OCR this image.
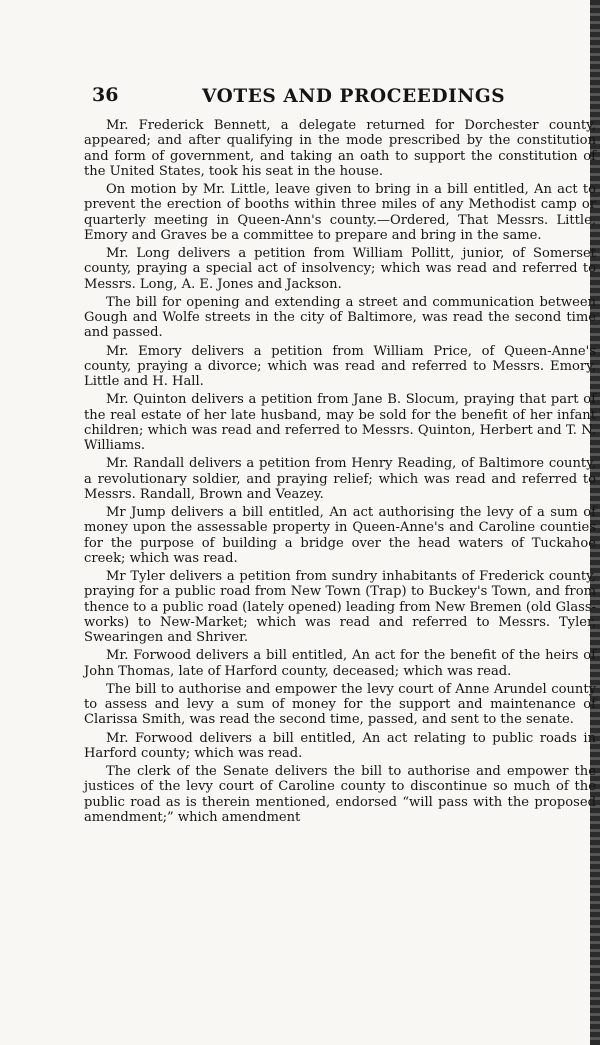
36	VOTES AND PROCEEDINGS

Mr. Frederick Bennett, a delegate returned for Dorchester county, appeared; and after qualifying in the mode prescribed by the constitution and form of government, and taking an oath to support the constitution of the United States, took his seat in the house.

On motion by Mr. Little, leave given to bring in a bill entitled, An act to prevent the erection of booths within three miles of any Methodist camp or quarterly meeting in Queen-Ann's county.—Ordered, That Messrs. Little, Emory and Graves be a committee to prepare and bring in the same.

Mr. Long delivers a petition from William Pollitt, junior, of Somerset county, praying a special act of insolvency; which was read and referred to Messrs. Long, A. E. Jones and Jackson.

The bill for opening and extending a street and communication between Gough and Wolfe streets in the city of Baltimore, was read the second time and passed.

Mr. Emory delivers a petition from William Price, of Queen-Anne's county, praying a divorce; which was read and referred to Messrs. Emory, Little and H. Hall.

Mr. Quinton delivers a petition from Jane B. Slocum, praying that part of the real estate of her late husband, may be sold for the benefit of her infant children; which was read and referred to Messrs. Quinton, Herbert and T. N. Williams.

Mr. Randall delivers a petition from Henry Reading, of Baltimore county, a revolutionary soldier, and praying relief; which was read and referred to Messrs. Randall, Brown and Veazey.

Mr Jump delivers a bill entitled, An act authorising the levy of a sum of money upon the assessable property in Queen-Anne's and Caroline counties for the purpose of building a bridge over the head waters of Tuckahoe creek; which was read.

Mr Tyler delivers a petition from sundry inhabitants of Frederick county, praying for a public road from New Town (Trap) to Buckey's Town, and from thence to a public road (lately opened) leading from New Bremen (old Glass-works) to New-Market; which was read and referred to Messrs. Tyler, Swearingen and Shriver.

Mr. Forwood delivers a bill entitled, An act for the benefit of the heirs of John Thomas, late of Harford county, deceased; which was read.

The bill to authorise and empower the levy court of Anne Arundel county to assess and levy a sum of money for the support and maintenance of Clarissa Smith, was read the second time, passed, and sent to the senate.

Mr. Forwood delivers a bill entitled, An act relating to public roads in Harford county; which was read.

The clerk of the Senate delivers the bill to authorise and empower the justices of the levy court of Caroline county to discontinue so much of the public road as is therein mentioned, endorsed “will pass with the proposed amendment;” which amendment
